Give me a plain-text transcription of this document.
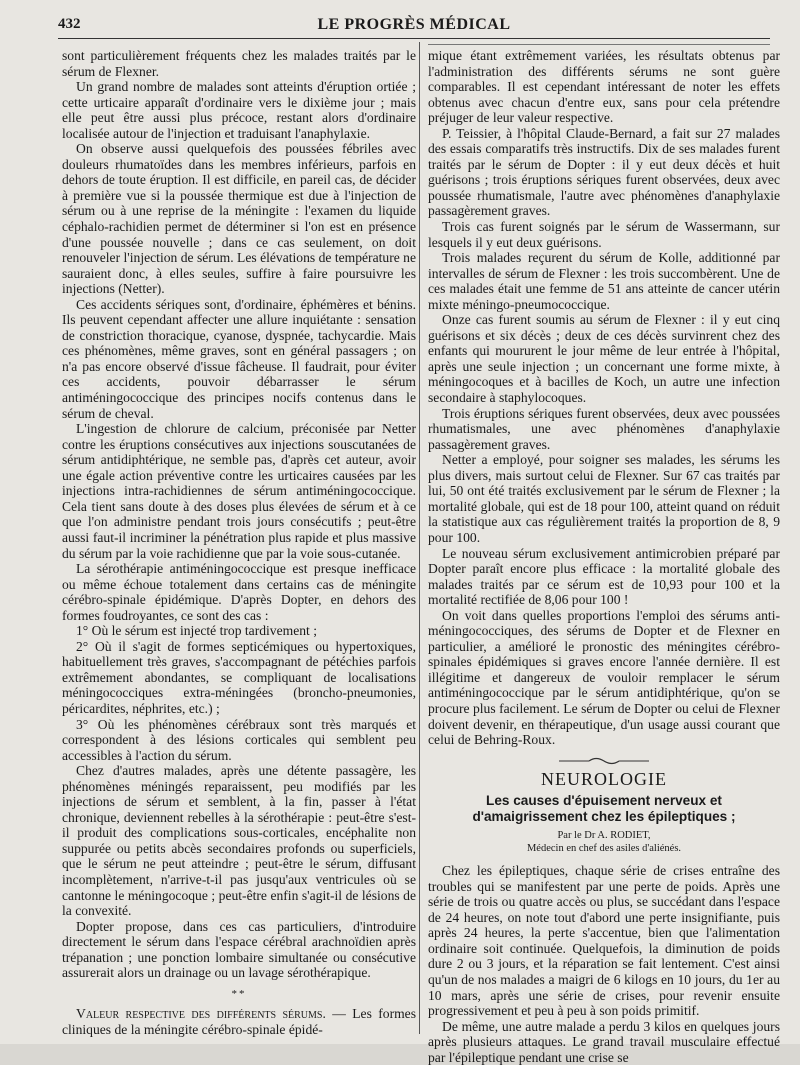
432	LE PROGRÈS MÉDICAL

sont particulièrement fréquents chez les malades traités par le sérum de Flexner.

Un grand nombre de malades sont atteints d'éruption ortiée ; cette urticaire apparaît d'ordinaire vers le dixième jour ; mais elle peut être aussi plus précoce, restant alors d'ordinaire localisée autour de l'injection et traduisant l'anaphylaxie.

On observe aussi quelquefois des poussées fébriles avec douleurs rhumatoïdes dans les membres inférieurs, parfois en dehors de toute éruption. Il est difficile, en pareil cas, de décider à première vue si la poussée thermique est due à l'injection de sérum ou à une reprise de la méningite : l'examen du liquide céphalo-rachidien permet de déterminer si l'on est en présence d'une poussée nouvelle ; dans ce cas seulement, on doit renouveler l'injection de sérum. Les élévations de température ne sauraient donc, à elles seules, suffire à faire poursuivre les injections (Netter).

Ces accidents sériques sont, d'ordinaire, éphémères et bénins. Ils peuvent cependant affecter une allure inquiétante : sensation de constriction thoracique, cyanose, dyspnée, tachycardie. Mais ces phénomènes, même graves, sont en général passagers ; on n'a pas encore observé d'issue fâcheuse. Il faudrait, pour éviter ces accidents, pouvoir débarrasser le sérum antiméningococcique des principes nocifs contenus dans le sérum de cheval.

L'ingestion de chlorure de calcium, préconisée par Netter contre les éruptions consécutives aux injections souscutanées de sérum antidiphtérique, ne semble pas, d'après cet auteur, avoir une égale action préventive contre les urticaires causées par les injections intra-rachidiennes de sérum antiméningococcique. Cela tient sans doute à des doses plus élevées de sérum et à ce que l'on administre pendant trois jours consécutifs ; peut-être aussi faut-il incriminer la pénétration plus rapide et plus massive du sérum par la voie rachidienne que par la voie sous-cutanée.

La sérothérapie antiméningococcique est presque inefficace ou même échoue totalement dans certains cas de méningite cérébro-spinale épidémique. D'après Dopter, en dehors des formes foudroyantes, ce sont des cas :

1° Où le sérum est injecté trop tardivement ;

2° Où il s'agit de formes septicémiques ou hypertoxiques, habituellement très graves, s'accompagnant de pétéchies parfois extrêmement abondantes, se compliquant de localisations méningococciques extra-méningées (broncho-pneumonies, péricardites, néphrites, etc.) ;

3° Où les phénomènes cérébraux sont très marqués et correspondent à des lésions corticales qui semblent peu accessibles à l'action du sérum.

Chez d'autres malades, après une détente passagère, les phénomènes méningés reparaissent, peu modifiés par les injections de sérum et semblent, à la fin, passer à l'état chronique, deviennent rebelles à la sérothérapie : peut-être s'est-il produit des complications sous-corticales, encéphalite non suppurée ou petits abcès secondaires profonds ou superficiels, que le sérum ne peut atteindre ; peut-être le sérum, diffusant incomplètement, n'arrive-t-il pas jusqu'aux ventricules où se cantonne le méningocoque ; peut-être enfin s'agit-il de lésions de la convexité.

Dopter propose, dans ces cas particuliers, d'introduire directement le sérum dans l'espace cérébral arachnoïdien après trépanation ; une ponction lombaire simultanée ou consécutive assurerait alors un drainage ou un lavage sérothérapique.

**

Valeur respective des différents sérums. — Les formes cliniques de la méningite cérébro-spinale épidé-

mique étant extrêmement variées, les résultats obtenus par l'administration des différents sérums ne sont guère comparables. Il est cependant intéressant de noter les effets obtenus avec chacun d'entre eux, sans pour cela prétendre préjuger de leur valeur respective.

P. Teissier, à l'hôpital Claude-Bernard, a fait sur 27 malades des essais comparatifs très instructifs. Dix de ses malades furent traités par le sérum de Dopter : il y eut deux décès et huit guérisons ; trois éruptions sériques furent observées, deux avec poussée rhumatismale, l'autre avec phénomènes d'anaphylaxie passagèrement graves.

Trois cas furent soignés par le sérum de Wassermann, sur lesquels il y eut deux guérisons.

Trois malades reçurent du sérum de Kolle, additionné par intervalles de sérum de Flexner : les trois succombèrent. Une de ces malades était une femme de 51 ans atteinte de cancer utérin mixte méningo-pneumococcique.

Onze cas furent soumis au sérum de Flexner : il y eut cinq guérisons et six décès ; deux de ces décès survinrent chez des enfants qui moururent le jour même de leur entrée à l'hôpital, après une seule injection ; un concernant une forme mixte, à méningocoques et à bacilles de Koch, un autre une infection secondaire à staphylocoques.

Trois éruptions sériques furent observées, deux avec poussées rhumatismales, une avec phénomènes d'anaphylaxie passagèrement graves.

Netter a employé, pour soigner ses malades, les sérums les plus divers, mais surtout celui de Flexner. Sur 67 cas traités par lui, 50 ont été traités exclusivement par le sérum de Flexner ; la mortalité globale, qui est de 18 pour 100, atteint quand on réduit la statistique aux cas régulièrement traités la proportion de 8, 9 pour 100.

Le nouveau sérum exclusivement antimicrobien préparé par Dopter paraît encore plus efficace : la mortalité globale des malades traités par ce sérum est de 10,93 pour 100 et la mortalité rectifiée de 8,06 pour 100 !

On voit dans quelles proportions l'emploi des sérums anti-méningococciques, des sérums de Dopter et de Flexner en particulier, a amélioré le pronostic des méningites cérébro-spinales épidémiques si graves encore l'année dernière. Il est illégitime et dangereux de vouloir remplacer le sérum antiméningococcique par le sérum antidiphtérique, qu'on se procure plus facilement. Le sérum de Dopter ou celui de Flexner doivent devenir, en thérapeutique, d'un usage aussi courant que celui de Behring-Roux.

NEUROLOGIE
Les causes d'épuisement nerveux et d'amaigrissement chez les épileptiques ;
Par le Dr A. RODIET,
Médecin en chef des asiles d'aliénés.

Chez les épileptiques, chaque série de crises entraîne des troubles qui se manifestent par une perte de poids. Après une série de trois ou quatre accès ou plus, se succédant dans l'espace de 24 heures, on note tout d'abord une perte insignifiante, puis après 24 heures, la perte s'accentue, bien que l'alimentation ordinaire soit continuée. Quelquefois, la diminution de poids dure 2 ou 3 jours, et la réparation se fait lentement. C'est ainsi qu'un de nos malades a maigri de 6 kilogs en 10 jours, du 1er au 10 mars, après une série de crises, pour revenir ensuite progressivement et peu à peu à son poids primitif.

De même, une autre malade a perdu 3 kilos en quelques jours après plusieurs attaques. Le grand travail musculaire effectué par l'épileptique pendant une crise se
